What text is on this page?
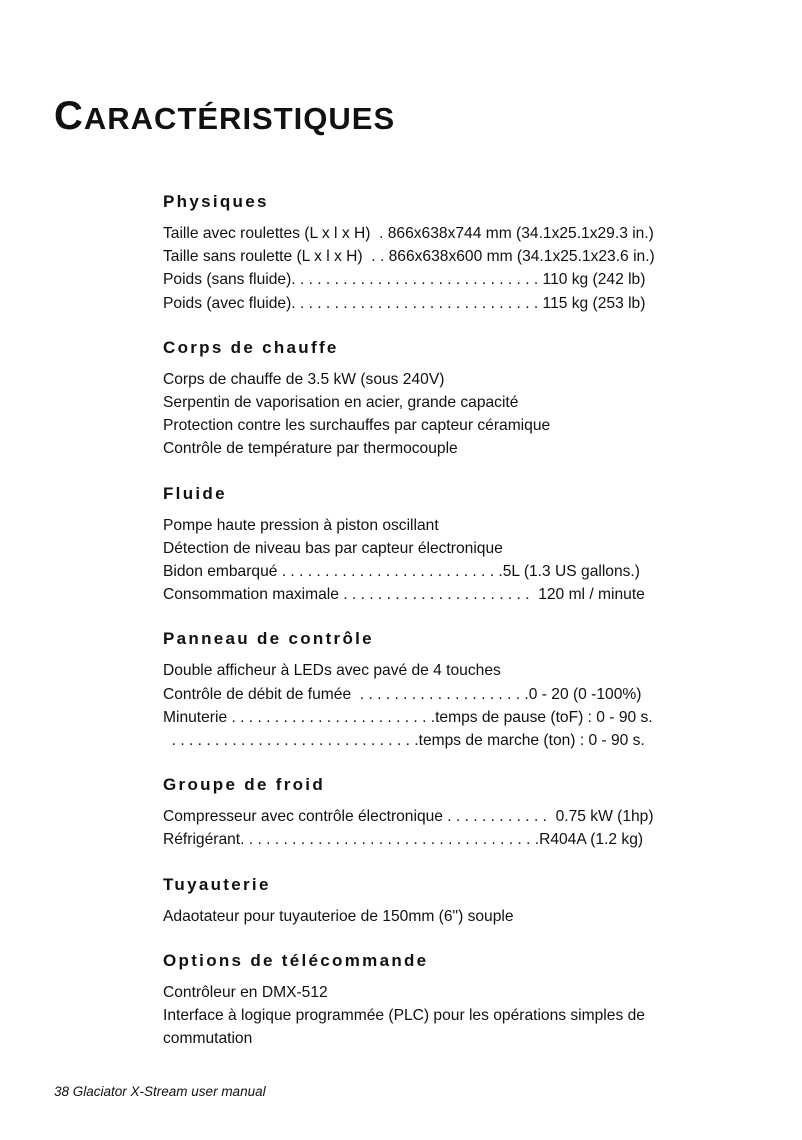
CARACTÉRISTIQUES
Physiques
Taille avec roulettes (L x l x H)  . 866x638x744 mm (34.1x25.1x29.3 in.)
Taille sans roulette (L x l x H)  . . 866x638x600 mm (34.1x25.1x23.6 in.)
Poids (sans fluide). . . . . . . . . . . . . . . . . . . . . . . . . . . . . 110 kg (242 lb)
Poids (avec fluide). . . . . . . . . . . . . . . . . . . . . . . . . . . . . 115 kg (253 lb)
Corps de chauffe
Corps de chauffe de 3.5 kW (sous 240V)
Serpentin de vaporisation en acier, grande capacité
Protection contre les surchauffes par capteur céramique
Contrôle de température par thermocouple
Fluide
Pompe haute pression à piston oscillant
Détection de niveau bas par capteur électronique
Bidon embarqué . . . . . . . . . . . . . . . . . . . . . . . . . .5L (1.3 US gallons.)
Consommation maximale . . . . . . . . . . . . . . . . . . . . . .  120 ml / minute
Panneau de contrôle
Double afficheur à LEDs avec pavé de 4 touches
Contrôle de débit de fumée  . . . . . . . . . . . . . . . . . . . .0 - 20 (0 -100%)
Minuterie . . . . . . . . . . . . . . . . . . . . . . . .temps de pause (toF) : 0 - 90 s.
. . . . . . . . . . . . . . . . . . . . . . . . . . . . .temps de marche (ton) : 0 - 90 s.
Groupe de froid
Compresseur avec contrôle électronique . . . . . . . . . . . .  0.75 kW (1hp)
Réfrigérant. . . . . . . . . . . . . . . . . . . . . . . . . . . . . . . . . . .R404A (1.2 kg)
Tuyauterie
Adaotateur pour tuyauterioe de 150mm (6") souple
Options de télécommande
Contrôleur en DMX-512
Interface à logique programmée (PLC) pour les opérations simples de
commutation
38 Glaciator X-Stream user manual
